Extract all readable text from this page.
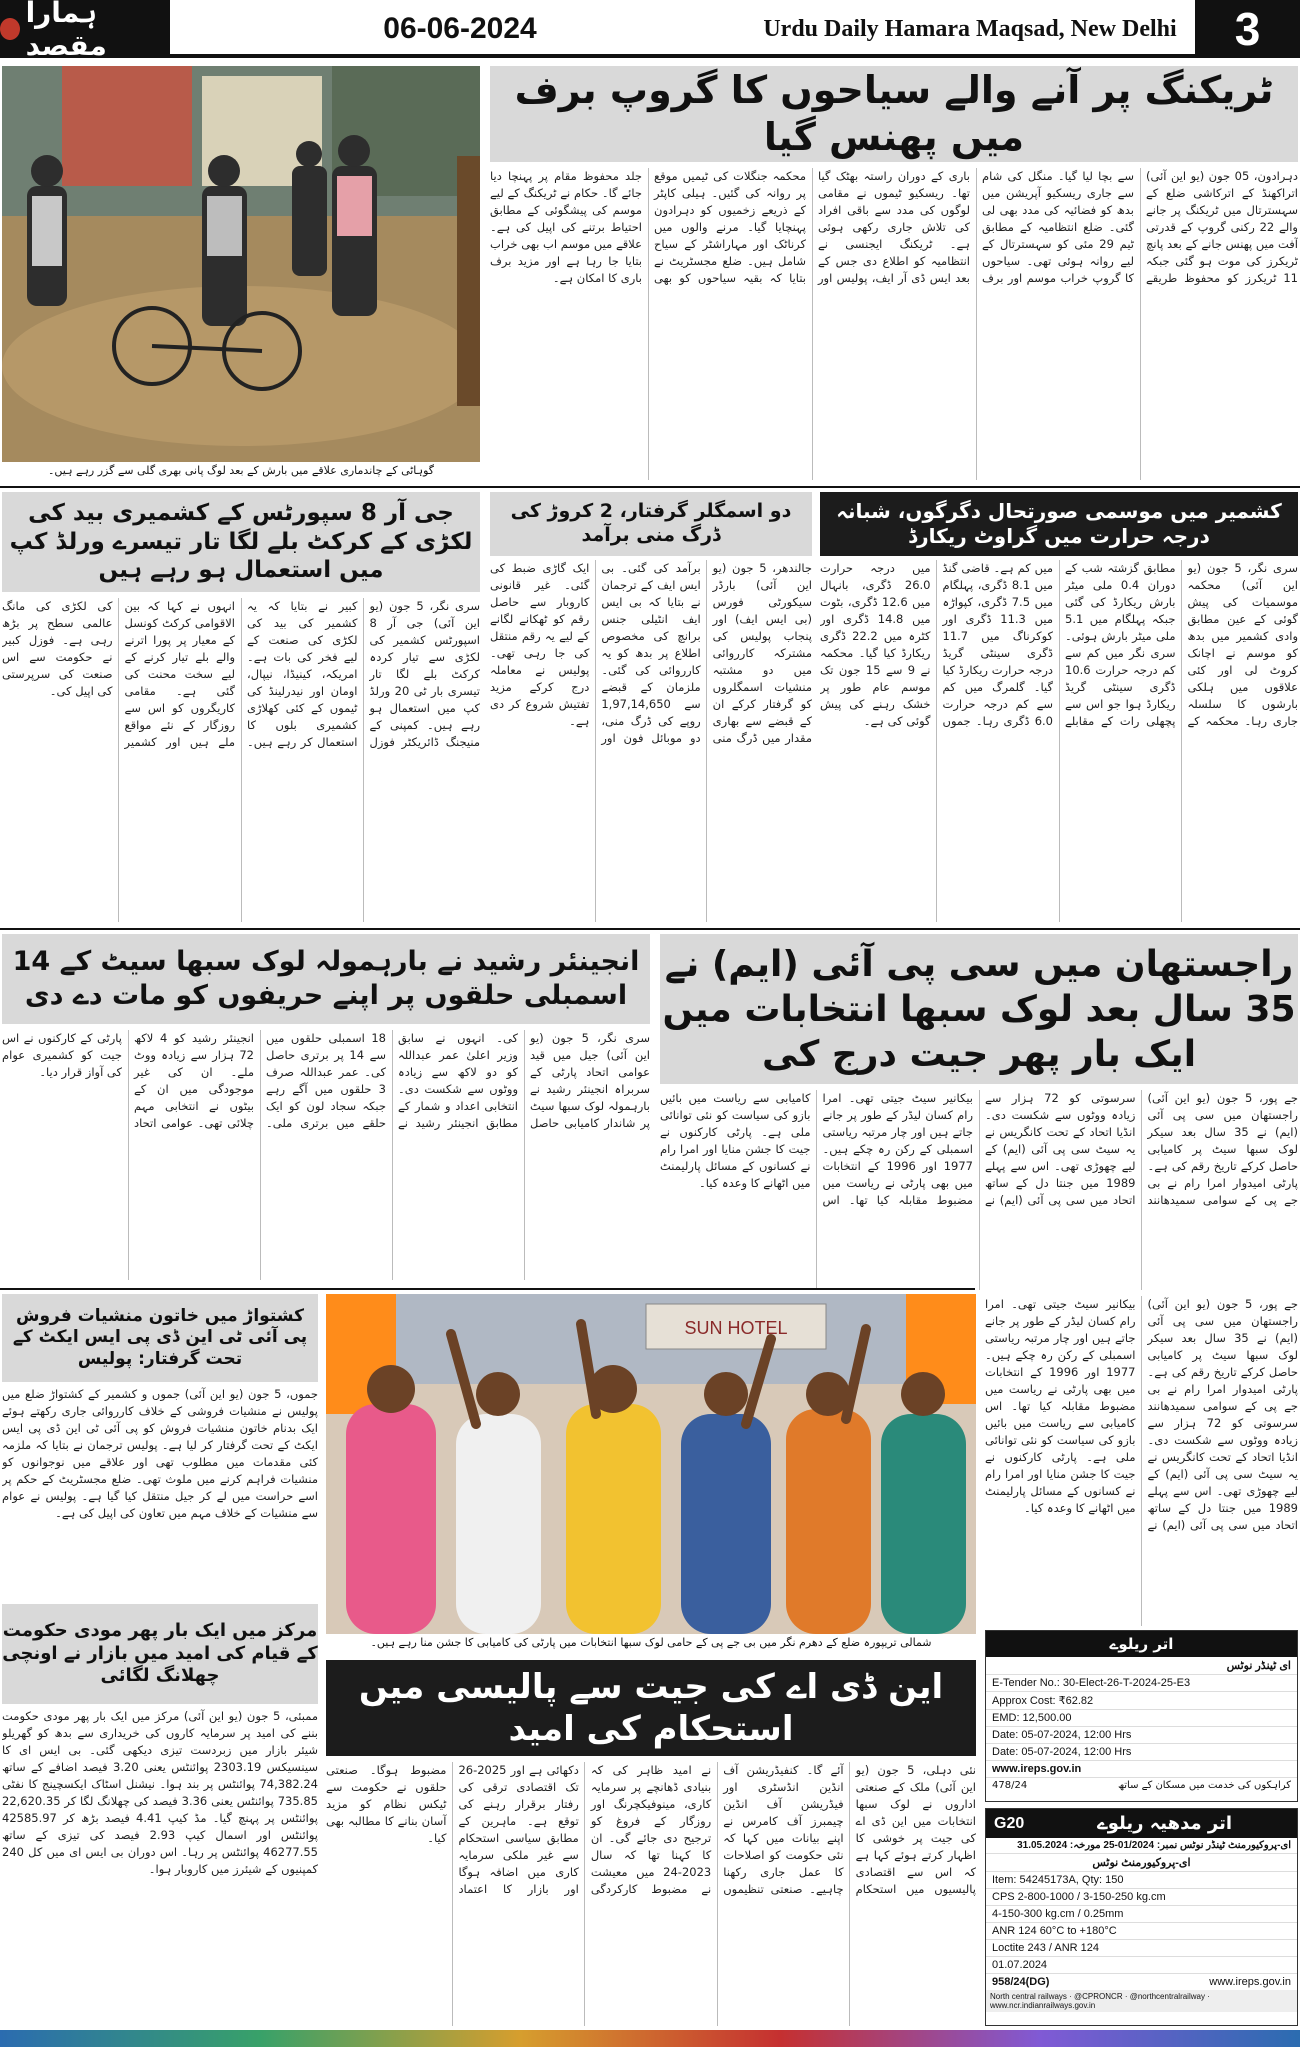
ہمارا مقصد
06-06-2024	Urdu Daily Hamara Maqsad, New Delhi	3
گوہاٹی کے چاندماری علاقے میں بارش کے بعد لوگ پانی بھری گلی سے گزر رہے ہیں۔
ٹریکنگ پر آنے والے سیاحوں کا گروپ برف میں پھنس گیا
دہرادون، 05 جون (یو این آئی) اتراکھنڈ کے اترکاشی ضلع کے سہسترتال میں ٹریکنگ پر جانے والے 22 رکنی گروپ کے قدرتی آفت میں پھنس جانے کے بعد پانچ ٹریکرز کی موت ہو گئی جبکہ 11 ٹریکرز کو محفوظ طریقے سے بچا لیا گیا۔ منگل کی شام سے جاری ریسکیو آپریشن میں بدھ کو فضائیہ کی مدد بھی لی گئی۔ ضلع انتظامیہ کے مطابق ٹیم 29 مئی کو سہسترتال کے لیے روانہ ہوئی تھی۔ سیاحوں کا گروپ خراب موسم اور برف باری کے دوران راستہ بھٹک گیا تھا۔ ریسکیو ٹیموں نے مقامی لوگوں کی مدد سے باقی افراد کی تلاش جاری رکھی ہوئی ہے۔ ٹریکنگ ایجنسی نے انتظامیہ کو اطلاع دی جس کے بعد ایس ڈی آر ایف، پولیس اور محکمہ جنگلات کی ٹیمیں موقع پر روانہ کی گئیں۔ ہیلی کاپٹر کے ذریعے زخمیوں کو دہرادون پہنچایا گیا۔ مرنے والوں میں کرناٹک اور مہاراشٹر کے سیاح شامل ہیں۔ ضلع مجسٹریٹ نے بتایا کہ بقیہ سیاحوں کو بھی جلد محفوظ مقام پر پہنچا دیا جائے گا۔ حکام نے ٹریکنگ کے لیے موسم کی پیشگوئی کے مطابق احتیاط برتنے کی اپیل کی ہے۔ علاقے میں موسم اب بھی خراب بتایا جا رہا ہے اور مزید برف باری کا امکان ہے۔
کشمیر میں موسمی صورتحال دگرگوں، شبانہ درجہ حرارت میں گراوٹ ریکارڈ
سری نگر، 5 جون (یو این آئی) محکمہ موسمیات کی پیش گوئی کے عین مطابق وادی کشمیر میں بدھ کو موسم نے اچانک کروٹ لی اور کئی علاقوں میں ہلکی بارشوں کا سلسلہ جاری رہا۔ محکمہ کے مطابق گزشتہ شب کے دوران 0.4 ملی میٹر بارش ریکارڈ کی گئی جبکہ پہلگام میں 5.1 ملی میٹر بارش ہوئی۔ سری نگر میں کم سے کم درجہ حرارت 10.6 ڈگری سینٹی گریڈ ریکارڈ ہوا جو اس سے پچھلی رات کے مقابلے میں کم ہے۔ قاضی گنڈ میں 8.1 ڈگری، پہلگام میں 7.5 ڈگری، کپواڑہ میں 11.3 ڈگری اور کوکرناگ میں 11.7 ڈگری سینٹی گریڈ درجہ حرارت ریکارڈ کیا گیا۔ گلمرگ میں کم سے کم درجہ حرارت 6.0 ڈگری رہا۔ جموں میں درجہ حرارت 26.0 ڈگری، بانہال میں 12.6 ڈگری، بٹوت میں 14.8 ڈگری اور کٹرہ میں 22.2 ڈگری ریکارڈ کیا گیا۔ محکمہ نے 9 سے 15 جون تک موسم عام طور پر خشک رہنے کی پیش گوئی کی ہے۔
دو اسمگلر گرفتار، 2 کروڑ کی ڈرگ منی برآمد
جالندھر، 5 جون (یو این آئی) بارڈر سیکورٹی فورس (بی ایس ایف) اور پنجاب پولیس کی مشترکہ کارروائی میں دو مشتبہ منشیات اسمگلروں کو گرفتار کرکے ان کے قبضے سے بھاری مقدار میں ڈرگ منی برآمد کی گئی۔ بی ایس ایف کے ترجمان نے بتایا کہ بی ایس ایف انٹیلی جنس برانچ کی مخصوص اطلاع پر بدھ کو یہ کارروائی کی گئی۔ ملزمان کے قبضے سے 1,97,14,650 روپے کی ڈرگ منی، دو موبائل فون اور ایک گاڑی ضبط کی گئی۔ غیر قانونی کاروبار سے حاصل رقم کو ٹھکانے لگانے کے لیے یہ رقم منتقل کی جا رہی تھی۔ پولیس نے معاملہ درج کرکے مزید تفتیش شروع کر دی ہے۔
جی آر 8 سپورٹس کے کشمیری بید کی لکڑی کے کرکٹ بلے لگا تار تیسرے ورلڈ کپ میں استعمال ہو رہے ہیں
سری نگر، 5 جون (یو این آئی) جی آر 8 اسپورٹس کشمیر کی لکڑی سے تیار کردہ کرکٹ بلے لگا تار تیسری بار ٹی 20 ورلڈ کپ میں استعمال ہو رہے ہیں۔ کمپنی کے منیجنگ ڈائریکٹر فوزل کبیر نے بتایا کہ یہ کشمیر کی بید کی لکڑی کی صنعت کے لیے فخر کی بات ہے۔ امریکہ، کینیڈا، نیپال، اومان اور نیدرلینڈ کی ٹیموں کے کئی کھلاڑی کشمیری بلوں کا استعمال کر رہے ہیں۔ انہوں نے کہا کہ بین الاقوامی کرکٹ کونسل کے معیار پر پورا اترنے والے بلے تیار کرنے کے لیے سخت محنت کی گئی ہے۔ مقامی کاریگروں کو اس سے روزگار کے نئے مواقع ملے ہیں اور کشمیر کی لکڑی کی مانگ عالمی سطح پر بڑھ رہی ہے۔ فوزل کبیر نے حکومت سے اس صنعت کی سرپرستی کی اپیل کی۔
راجستھان میں سی پی آئی (ایم) نے 35 سال بعد لوک سبھا انتخابات میں ایک بار پھر جیت درج کی
جے پور، 5 جون (یو این آئی) راجستھان میں سی پی آئی (ایم) نے 35 سال بعد سیکر لوک سبھا سیٹ پر کامیابی حاصل کرکے تاریخ رقم کی ہے۔ پارٹی امیدوار امرا رام نے بی جے پی کے سوامی سمیدھانند سرسوتی کو 72 ہزار سے زیادہ ووٹوں سے شکست دی۔ انڈیا اتحاد کے تحت کانگریس نے یہ سیٹ سی پی آئی (ایم) کے لیے چھوڑی تھی۔ اس سے پہلے 1989 میں جنتا دل کے ساتھ اتحاد میں سی پی آئی (ایم) نے بیکانیر سیٹ جیتی تھی۔ امرا رام کسان لیڈر کے طور پر جانے جاتے ہیں اور چار مرتبہ ریاستی اسمبلی کے رکن رہ چکے ہیں۔ 1977 اور 1996 کے انتخابات میں بھی پارٹی نے ریاست میں مضبوط مقابلہ کیا تھا۔ اس کامیابی سے ریاست میں بائیں بازو کی سیاست کو نئی توانائی ملی ہے۔ پارٹی کارکنوں نے جیت کا جشن منایا اور امرا رام نے کسانوں کے مسائل پارلیمنٹ میں اٹھانے کا وعدہ کیا۔
انجینئر رشید نے بارہمولہ لوک سبھا سیٹ کے 14 اسمبلی حلقوں پر اپنے حریفوں کو مات دے دی
سری نگر، 5 جون (یو این آئی) جیل میں قید عوامی اتحاد پارٹی کے سربراہ انجینئر رشید نے بارہمولہ لوک سبھا سیٹ پر شاندار کامیابی حاصل کی۔ انہوں نے سابق وزیر اعلیٰ عمر عبداللہ کو دو لاکھ سے زیادہ ووٹوں سے شکست دی۔ انتخابی اعداد و شمار کے مطابق انجینئر رشید نے 18 اسمبلی حلقوں میں سے 14 پر برتری حاصل کی۔ عمر عبداللہ صرف 3 حلقوں میں آگے رہے جبکہ سجاد لون کو ایک حلقے میں برتری ملی۔ انجینئر رشید کو 4 لاکھ 72 ہزار سے زیادہ ووٹ ملے۔ ان کی غیر موجودگی میں ان کے بیٹوں نے انتخابی مہم چلائی تھی۔ عوامی اتحاد پارٹی کے کارکنوں نے اس جیت کو کشمیری عوام کی آواز قرار دیا۔
جے پور، 5 جون (یو این آئی) راجستھان میں سی پی آئی (ایم) نے 35 سال بعد سیکر لوک سبھا سیٹ پر کامیابی حاصل کرکے تاریخ رقم کی ہے۔ پارٹی امیدوار امرا رام نے بی جے پی کے سوامی سمیدھانند سرسوتی کو 72 ہزار سے زیادہ ووٹوں سے شکست دی۔ انڈیا اتحاد کے تحت کانگریس نے یہ سیٹ سی پی آئی (ایم) کے لیے چھوڑی تھی۔ اس سے پہلے 1989 میں جنتا دل کے ساتھ اتحاد میں سی پی آئی (ایم) نے بیکانیر سیٹ جیتی تھی۔ امرا رام کسان لیڈر کے طور پر جانے جاتے ہیں اور چار مرتبہ ریاستی اسمبلی کے رکن رہ چکے ہیں۔ 1977 اور 1996 کے انتخابات میں بھی پارٹی نے ریاست میں مضبوط مقابلہ کیا تھا۔ اس کامیابی سے ریاست میں بائیں بازو کی سیاست کو نئی توانائی ملی ہے۔ پارٹی کارکنوں نے جیت کا جشن منایا اور امرا رام نے کسانوں کے مسائل پارلیمنٹ میں اٹھانے کا وعدہ کیا۔
کشتواڑ میں خاتون منشیات فروش پی آئی ٹی این ڈی پی ایس ایکٹ کے تحت گرفتار: پولیس
جموں، 5 جون (یو این آئی) جموں و کشمیر کے کشتواڑ ضلع میں پولیس نے منشیات فروشی کے خلاف کارروائی جاری رکھتے ہوئے ایک بدنام خاتون منشیات فروش کو پی آئی ٹی این ڈی پی ایس ایکٹ کے تحت گرفتار کر لیا ہے۔ پولیس ترجمان نے بتایا کہ ملزمہ کئی مقدمات میں مطلوب تھی اور علاقے میں نوجوانوں کو منشیات فراہم کرنے میں ملوث تھی۔ ضلع مجسٹریٹ کے حکم پر اسے حراست میں لے کر جیل منتقل کیا گیا ہے۔ پولیس نے عوام سے منشیات کے خلاف مہم میں تعاون کی اپیل کی ہے۔
مرکز میں ایک بار پھر مودی حکومت کے قیام کی امید میں بازار نے اونچی چھلانگ لگائی
ممبئی، 5 جون (یو این آئی) مرکز میں ایک بار پھر مودی حکومت بننے کی امید پر سرمایہ کاروں کی خریداری سے بدھ کو گھریلو شیئر بازار میں زبردست تیزی دیکھی گئی۔ بی ایس ای کا سینسیکس 2303.19 پوائنٹس یعنی 3.20 فیصد اضافے کے ساتھ 74,382.24 پوائنٹس پر بند ہوا۔ نیشنل اسٹاک ایکسچینج کا نفٹی 735.85 پوائنٹس یعنی 3.36 فیصد کی چھلانگ لگا کر 22,620.35 پوائنٹس پر پہنچ گیا۔ مڈ کیپ 4.41 فیصد بڑھ کر 42585.97 پوائنٹس اور اسمال کیپ 2.93 فیصد کی تیزی کے ساتھ 46277.55 پوائنٹس پر رہا۔ اس دوران بی ایس ای میں کل 240 کمپنیوں کے شیئرز میں کاروبار ہوا۔
SUN HOTEL
شمالی تریپورہ ضلع کے دھرم نگر میں بی جے پی کے حامی لوک سبھا انتخابات میں پارٹی کی کامیابی کا جشن منا رہے ہیں۔
این ڈی اے کی جیت سے پالیسی میں استحکام کی امید
نئی دہلی، 5 جون (یو این آئی) ملک کے صنعتی اداروں نے لوک سبھا انتخابات میں این ڈی اے کی جیت پر خوشی کا اظہار کرتے ہوئے کہا ہے کہ اس سے اقتصادی پالیسیوں میں استحکام آئے گا۔ کنفیڈریشن آف انڈین انڈسٹری اور فیڈریشن آف انڈین چیمبرز آف کامرس نے اپنے بیانات میں کہا کہ نئی حکومت کو اصلاحات کا عمل جاری رکھنا چاہیے۔ صنعتی تنظیموں نے امید ظاہر کی کہ بنیادی ڈھانچے پر سرمایہ کاری، مینوفیکچرنگ اور روزگار کے فروغ کو ترجیح دی جائے گی۔ ان کا کہنا تھا کہ سال 2023-24 میں معیشت نے مضبوط کارکردگی دکھائی ہے اور 2025-26 تک اقتصادی ترقی کی رفتار برقرار رہنے کی توقع ہے۔ ماہرین کے مطابق سیاسی استحکام سے غیر ملکی سرمایہ کاری میں اضافہ ہوگا اور بازار کا اعتماد مضبوط ہوگا۔ صنعتی حلقوں نے حکومت سے ٹیکس نظام کو مزید آسان بنانے کا مطالبہ بھی کیا۔
اتر ریلوے
ای ٹینڈر نوٹس
E-Tender No.: 30-Elect-26-T-2024-25-E3
Approx Cost: ₹62.82
EMD: 12,500.00
Date: 05-07-2024, 12:00 Hrs
Date: 05-07-2024, 12:00 Hrs
www.ireps.gov.in
478/24	کراہکوں کی خدمت میں مسکان کے ساتھ
G20	اتر مدھیہ ریلوے
ای-پروکیورمنٹ ٹینڈر نوٹس نمبر: 01/2024-25 مورخہ: 31.05.2024
ای-پروکیورمنٹ نوٹس
Item: 54245173A, Qty: 150
CPS 2-800-1000 / 3-150-250 kg.cm
4-150-300 kg.cm / 0.25mm
ANR 124 60°C to +180°C
Loctite 243 / ANR 124
01.07.2024
958/24(DG)	www.ireps.gov.in
North central railways · @CPRONCR · @northcentralrailway · www.ncr.indianrailways.gov.in
